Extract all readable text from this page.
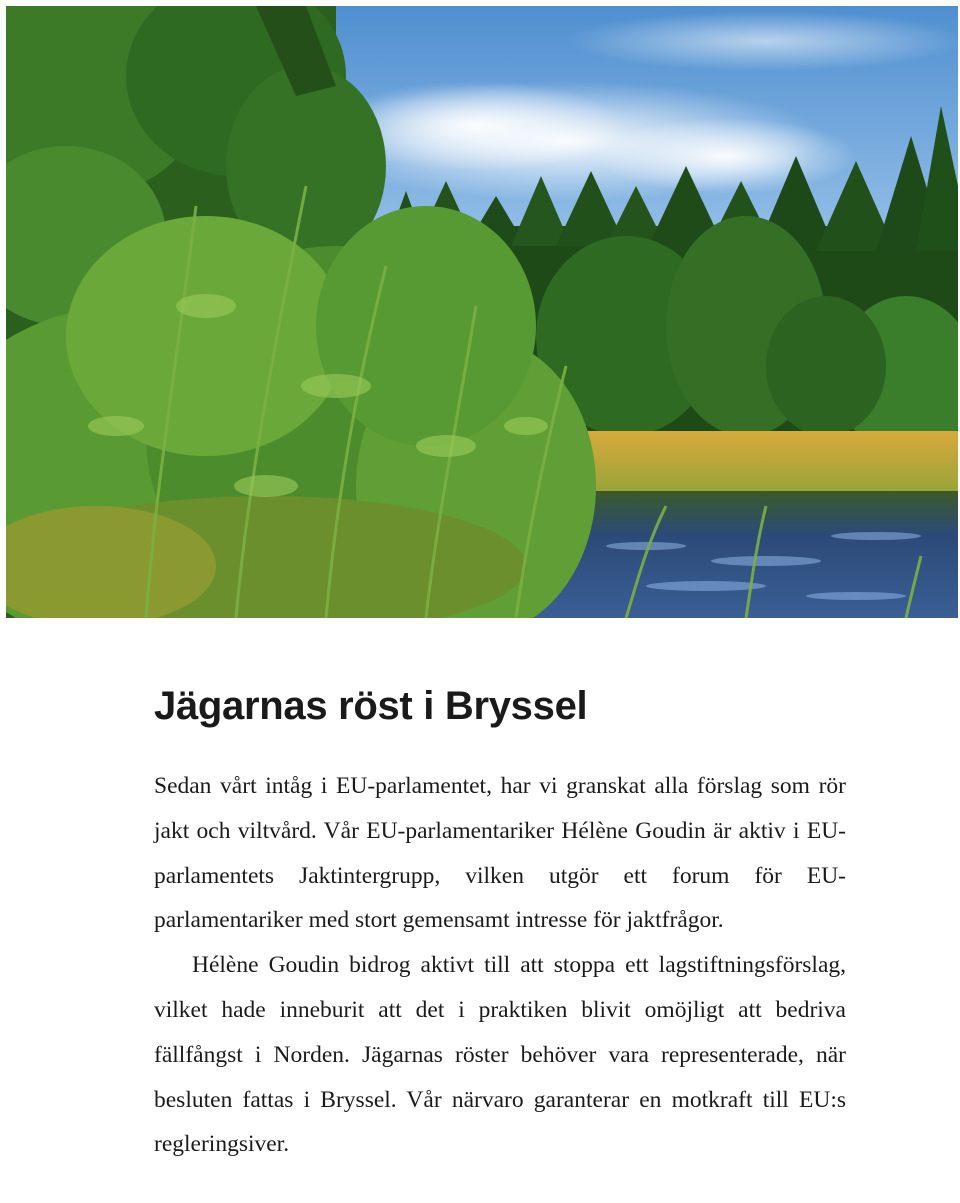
Jägarnas röst i Bryssel

Sedan vårt intåg i EU-parlamentet, har vi granskat alla förslag som rör jakt och viltvård. Vår EU-parlamentariker Hélène Goudin är aktiv i EU-parlamentets Jaktintergrupp, vilken utgör ett forum för EU-parlamentariker med stort gemensamt intresse för jaktfrågor.

Hélène Goudin bidrog aktivt till att stoppa ett lagstiftningsförslag, vilket hade inneburit att det i praktiken blivit omöjligt att bedriva fällfångst i Norden. Jägarnas röster behöver vara representerade, när besluten fattas i Bryssel. Vår närvaro garanterar en motkraft till EU:s regleringsiver.
